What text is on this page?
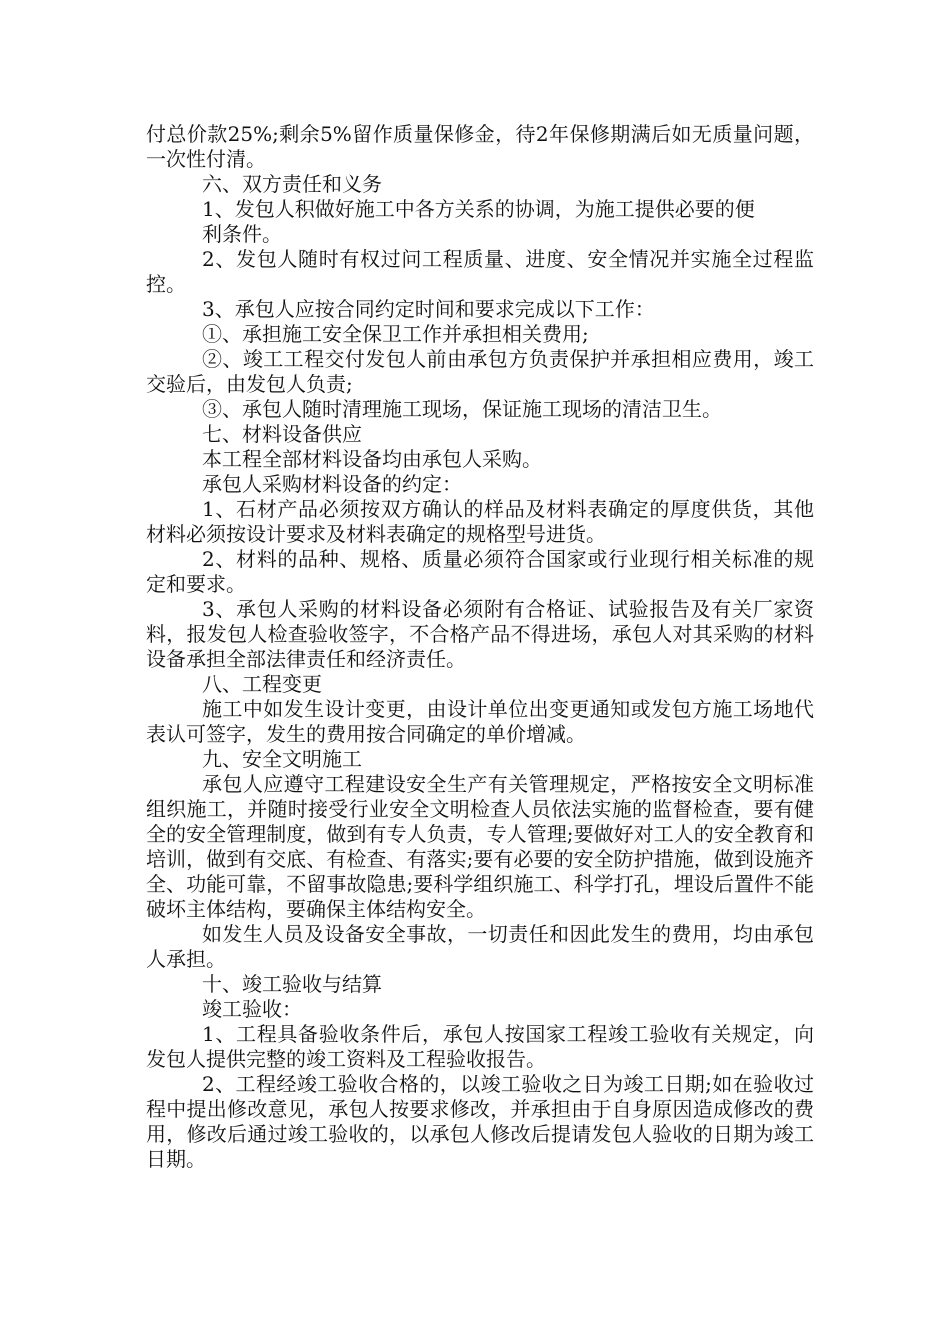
付总价款25%;剩余5%留作质量保修金，待2年保修期满后如无质量问题，一次性付清。

六、双方责任和义务

1、发包人积做好施工中各方关系的协调，为施工提供必要的便

利条件。

2、发包人随时有权过问工程质量、进度、安全情况并实施全过程监控。

3、承包人应按合同约定时间和要求完成以下工作：

①、承担施工安全保卫工作并承担相关费用;

②、竣工工程交付发包人前由承包方负责保护并承担相应费用，竣工交验后，由发包人负责;

③、承包人随时清理施工现场，保证施工现场的清洁卫生。

七、材料设备供应

本工程全部材料设备均由承包人采购。

承包人采购材料设备的约定：

1、石材产品必须按双方确认的样品及材料表确定的厚度供货，其他材料必须按设计要求及材料表确定的规格型号进货。

2、材料的品种、规格、质量必须符合国家或行业现行相关标准的规定和要求。

3、承包人采购的材料设备必须附有合格证、试验报告及有关厂家资料，报发包人检查验收签字，不合格产品不得进场，承包人对其采购的材料设备承担全部法律责任和经济责任。

八、工程变更

施工中如发生设计变更，由设计单位出变更通知或发包方施工场地代表认可签字，发生的费用按合同确定的单价增减。

九、安全文明施工

承包人应遵守工程建设安全生产有关管理规定，严格按安全文明标准组织施工，并随时接受行业安全文明检查人员依法实施的监督检查，要有健全的安全管理制度，做到有专人负责，专人管理;要做好对工人的安全教育和培训，做到有交底、有检查、有落实;要有必要的安全防护措施，做到设施齐全、功能可靠，不留事故隐患;要科学组织施工、科学打孔，埋设后置件不能破坏主体结构，要确保主体结构安全。

如发生人员及设备安全事故，一切责任和因此发生的费用，均由承包人承担。

十、竣工验收与结算

竣工验收：

1、工程具备验收条件后，承包人按国家工程竣工验收有关规定，向发包人提供完整的竣工资料及工程验收报告。

2、工程经竣工验收合格的，以竣工验收之日为竣工日期;如在验收过程中提出修改意见，承包人按要求修改，并承担由于自身原因造成修改的费用，修改后通过竣工验收的，以承包人修改后提请发包人验收的日期为竣工日期。
